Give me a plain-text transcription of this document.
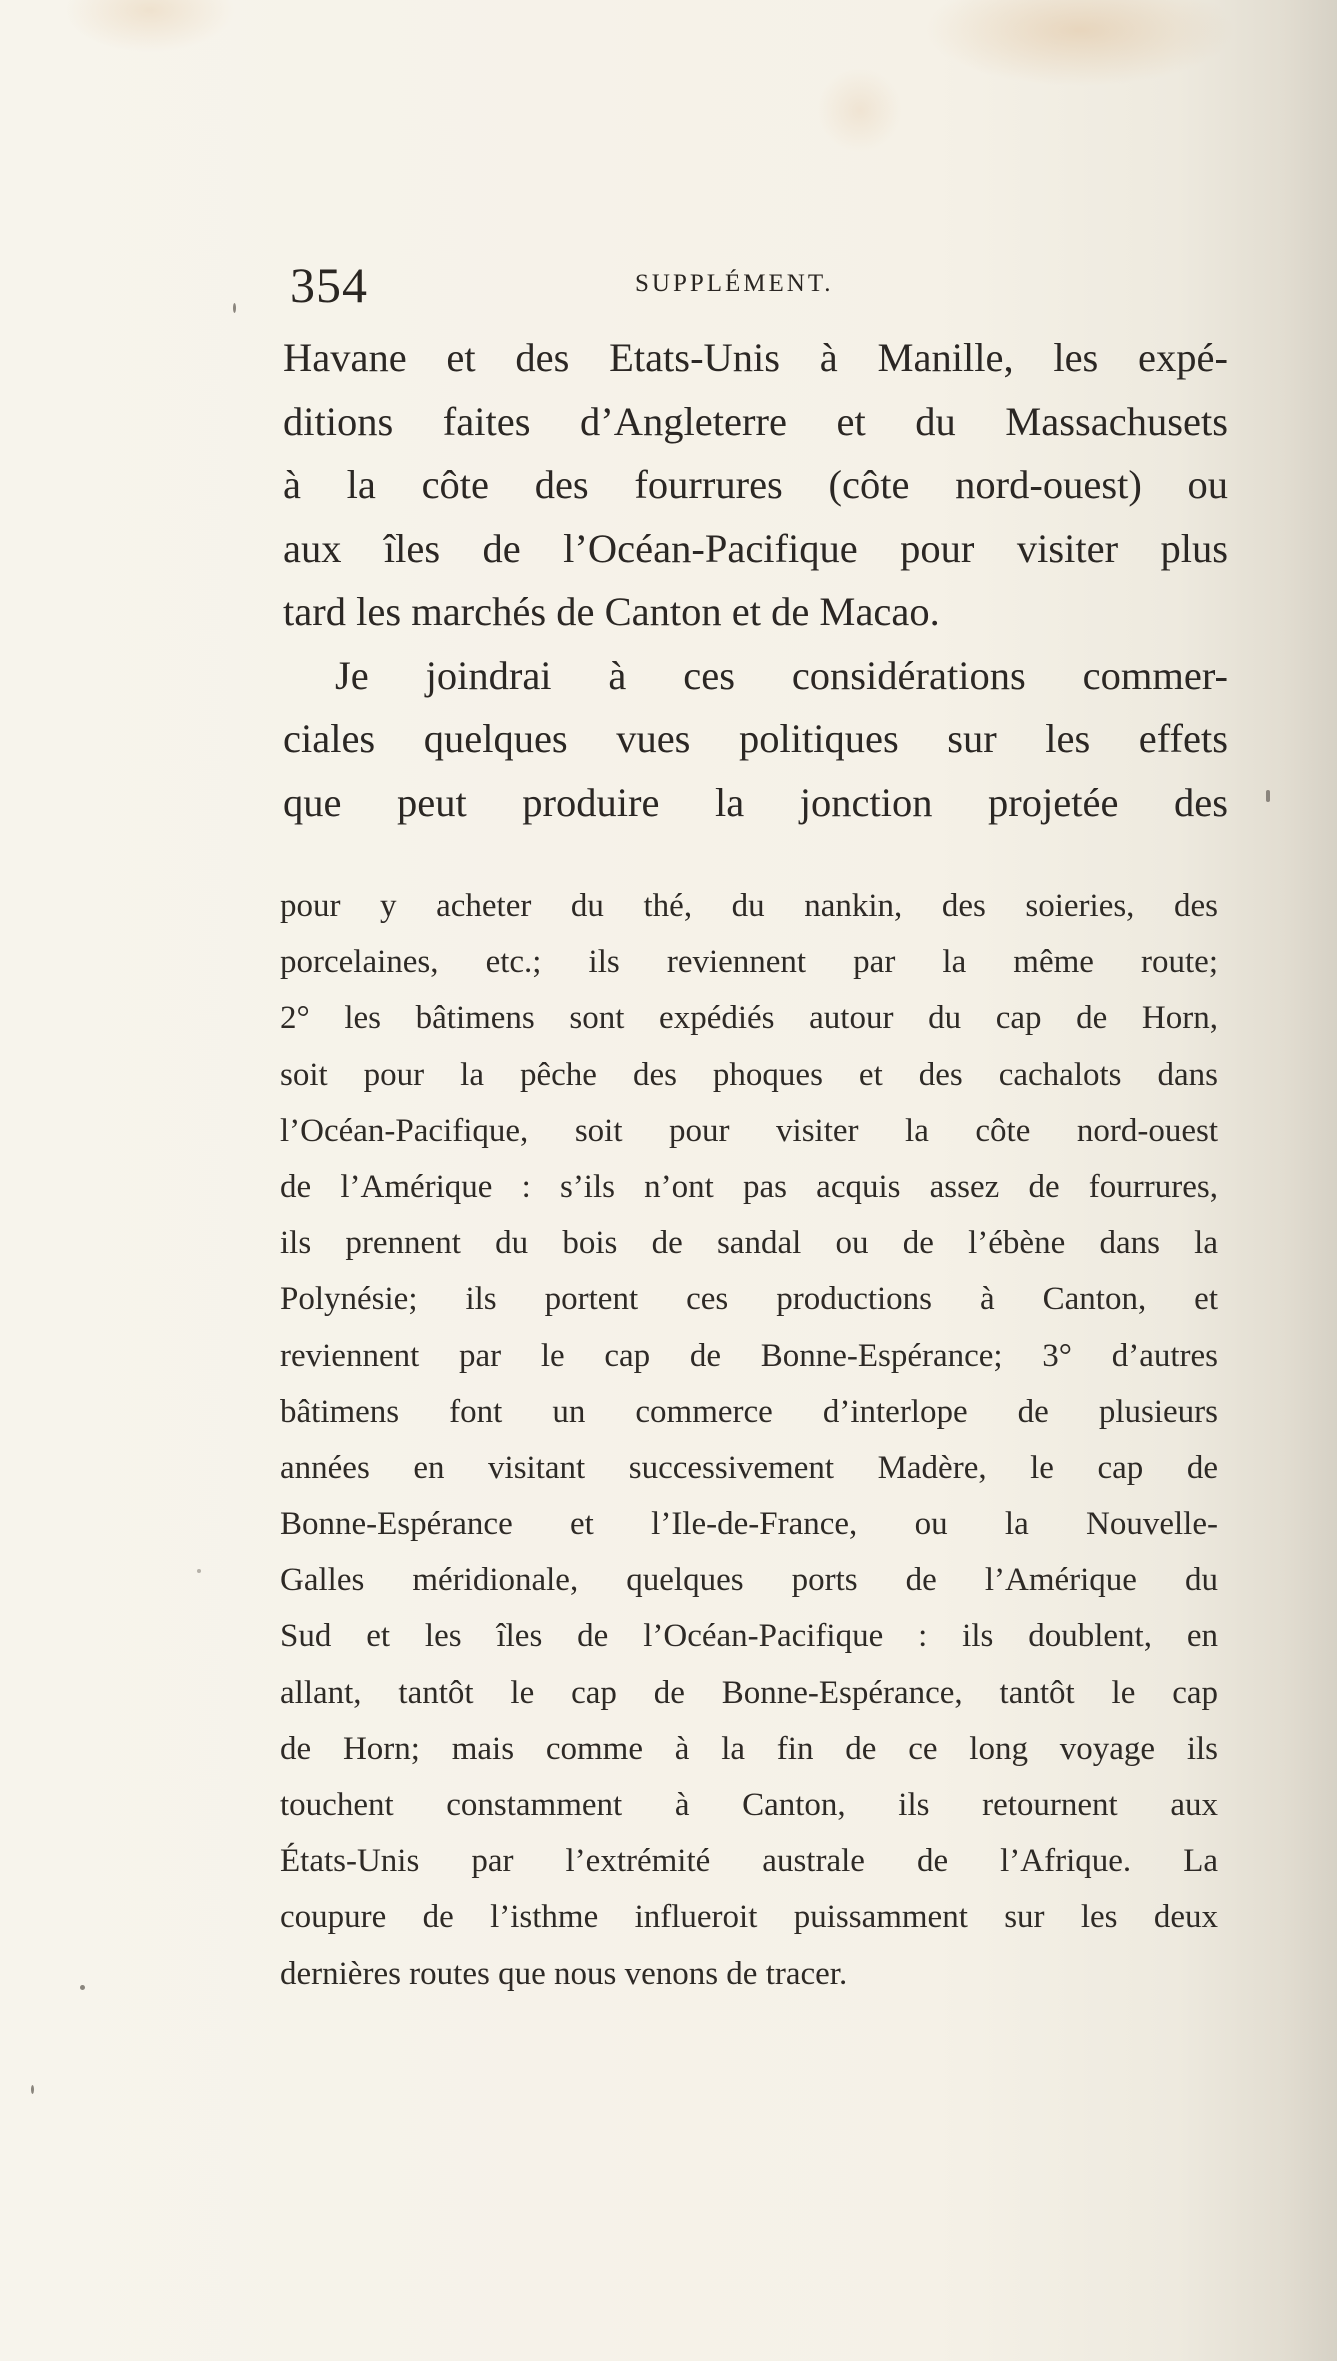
354	SUPPLÉMENT.
Havane et des Etats-Unis à Manille, les expé-
ditions faites d’Angleterre et du Massachusets
à la côte des fourrures (côte nord-ouest) ou
aux îles de l’Océan-Pacifique pour visiter plus
tard les marchés de Canton et de Macao.
Je joindrai à ces considérations commer-
ciales quelques vues politiques sur les effets
que peut produire la jonction projetée des
pour y acheter du thé, du nankin, des soieries, des
porcelaines, etc.; ils reviennent par la même route;
2° les bâtimens sont expédiés autour du cap de Horn,
soit pour la pêche des phoques et des cachalots dans
l’Océan-Pacifique, soit pour visiter la côte nord-ouest
de l’Amérique : s’ils n’ont pas acquis assez de fourrures,
ils prennent du bois de sandal ou de l’ébène dans la
Polynésie; ils portent ces productions à Canton, et
reviennent par le cap de Bonne-Espérance; 3° d’autres
bâtimens font un commerce d’interlope de plusieurs
années en visitant successivement Madère, le cap de
Bonne-Espérance et l’Ile-de-France, ou la Nouvelle-
Galles méridionale, quelques ports de l’Amérique du
Sud et les îles de l’Océan-Pacifique : ils doublent, en
allant, tantôt le cap de Bonne-Espérance, tantôt le cap
de Horn; mais comme à la fin de ce long voyage ils
touchent constamment à Canton, ils retournent aux
États-Unis par l’extrémité australe de l’Afrique. La
coupure de l’isthme influeroit puissamment sur les deux
dernières routes que nous venons de tracer.
